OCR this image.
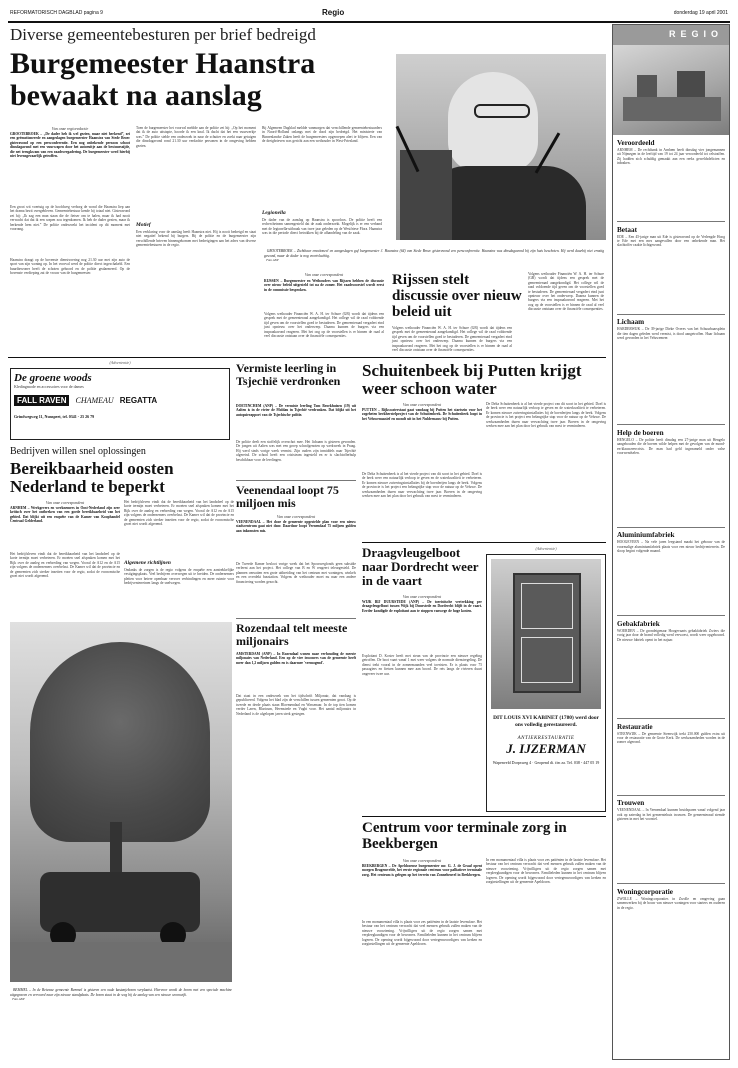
REFORMATORISCH DAGBLAD pagina 9	Regio	donderdag 19 april 2001
Diverse gemeentebesturen per brief bedreigd
Burgemeester Haanstra bewaakt na aanslag
Van onze regioredactie
GROOTEBROEK – „De dader heb ik wel gezien, maar niet herkend”, zei een geëmotioneerde en aangeslagen burgemeester Haanstra van Stede Broec gisteravond op een persconferentie. Een nog onbekende persoon schoot dinsdagavond met een vuurwapen door het autoruitje aan de bestuurszijde, die net terugkwam van een raadsvergadering. De burgemeester werd hierbij niet levensgevaarlijk getroffen.
Een groot wit voertuig op de hoofdweg verborg de wond die Haanstra liep aan het drama bezit overgebleven. Gemeentebestuur kende hij totaal niet. Gisteravond zei hij: „Ik zag een man staan die de fietser om te halen, maar ik had nooit verwacht dat dat ik een wapen zou tegenkomen. Ik heb de dader gezien, maar ik herkende hem niet.” De politie onderzoekt het incident op dit moment met voorrang.
Haanstra draagt op de bovenste dienstvoering nog 21.30 uur met zijn auto de sport van zijn woning op. In het voorval werd de politie direct ingeschakeld. Een buurtbewoner heeft de schoten gehoord en de politie gealarmeerd. Op de bovenste verdieping zat de vrouw van de burgemeester.
Toen de burgemeester het voorval meldde aan de politie zei hij: „Op het moment dat ik de auto uitstapte, hoorde ik een knal. Ik dacht dat het een vuurwerkje was.” De politie stelde een onderzoek in naar de schutter en zoekt naar getuigen die dinsdagavond rond 21.30 uur verdachte personen in de omgeving hebben gezien.
Motief
Een verklaring voor de aanslag heeft Haanstra niet. Hij is nooit bedreigd en staat niet negatief bekend bij burgers. Bij de politie en de burgemeester zijn verschillende brieven binnengekomen met bedreigingen aan het adres van diverse gemeentebesturen in de regio.
Bij Algemeen Dagblad meldde vanmorgen dat verschillende gemeentebestuurders in Noord-Holland onlangs met de dood zijn bedreigd. Het ministerie van Binnenlandse Zaken heeft de burgemeesters opgeroepen alert te blijven. Een van de dreigbrieven was gericht aan een wethouder in West-Friesland.
Legionella
De dader van de aanslag op Haanstra is spoorloos. De politie heeft een rechercheteam samengesteld dat de zaak onderzoekt. Mogelijk is er een verband met de legionella-uitbraak van twee jaar geleden op de Westfriese Flora. Haanstra was in die periode direct betrokken bij de afhandeling van de zaak.

GROOTEBROEK – Zichtbaar emotioneel en aangeslagen gaf burgemeester J. Haanstra (64) van Stede Broec gisteravond een persconferentie. Haanstra was dinsdagavond bij zijn huis beschoten. Hij werd daarbij niet ernstig gewond, maar de dader is nog voortvluchtig.
Foto ANP

Van onze correspondent
RIJSSEN – Burgemeester en Wethouders van Rijssen hebben de discussie over nieuw beleid uitgesteld tot na de zomer. Het raadsvoorstel wordt eerst in de commissie besproken.
Volgens wethouder Financiën W. A. H. ter Schure (GB) wordt dat tijdens een gesprek met de gemeenteraad aangekondigd. Het college wil de raad voldoende tijd geven om de voorstellen goed te bestuderen. De gemeenteraad vergadert eind juni opnieuw over het onderwerp. Daarna kunnen de burgers via een inspraakavond reageren. Met het oog op de voorstellen is er binnen de raad al veel discussie ontstaan over de financiële consequenties.
Rijssen stelt discussie over nieuw beleid uit
Volgens wethouder Financiën W. A. H. ter Schure (GB) wordt dat tijdens een gesprek met de gemeenteraad aangekondigd. Het college wil de raad voldoende tijd geven om de voorstellen goed te bestuderen. De gemeenteraad vergadert eind juni opnieuw over het onderwerp. Daarna kunnen de burgers via een inspraakavond reageren. Met het oog op de voorstellen is er binnen de raad al veel discussie ontstaan over de financiële consequenties.
Volgens wethouder Financiën W. A. H. ter Schure (GB) wordt dat tijdens een gesprek met de gemeenteraad aangekondigd. Het college wil de raad voldoende tijd geven om de voorstellen goed te bestuderen. De gemeenteraad vergadert eind juni opnieuw over het onderwerp. Daarna kunnen de burgers via een inspraakavond reageren. Met het oog op de voorstellen is er binnen de raad al veel discussie ontstaan over de financiële consequenties.
REGIO
Veroordeeld
ARNHEM – De rechtbank in Arnhem heeft dinsdag vier jongemannen uit Nijmegen in de leeftijd van 19 tot 24 jaar veroordeeld tot celstraffen. Zij hadden zich schuldig gemaakt aan een reeks geweldsdelicten en inbraken.
Betaat
EDE – Een 45-jarige man uit Ede is gisteravond op de Verlengde Hoog te Ede met een mes aangevallen door een onbekende man. Het slachtoffer raakte lichtgewond.
Lichaam
HARDERWIJK – De 39-jarige Dieke Overes van het Schuurbaarsplein die tien dagen geleden werd vermist, is dood aangetroffen. Haar lichaam werd gevonden in het Veluwemeer.
Help de boeren
HENGELO – De politie heeft dinsdag een 27-jarige man uit Hengelo aangehouden die de boeren wilde helpen met de gevolgen van de mond-en-klauwzeercrisis. De man had geld ingezameld onder valse voorwendselen.
Aluminiumfabriek
HOOGEVEEN – Na vele jaren leegstand maakt het gebouw van de voormalige aluminiumfabriek plaats voor een nieuw bedrijventerrein. De sloop begint volgende maand.
Gebakfabriek
WOERDEN – De grondeigenaar Hoogevaarts gebakfabriek Zwiers die vorig jaar door de brand volledig werd verwoest, wordt weer opgebouwd. De nieuwe fabriek opent in het najaar.
Restauratie
STEENWIJK – De gemeente Steenwijk trekt 250.000 gulden extra uit voor de restauratie van de Grote Kerk. De werkzaamheden worden in de zomer afgerond.
Trouwen
VEENENDAAL – In Veenendaal kunnen bruidsparen vanaf volgend jaar ook op zaterdag in het gemeentehuis trouwen. De gemeenteraad stemde gisteren in met het voorstel.
Woningcorporatie
ZWOLLE – Woningcorporaties in Zwolle en omgeving gaan samenwerken bij de bouw van nieuwe woningen voor starters en ouderen in de regio.
(Advertentie)
De groene woods
Kledingmode en accessoires voor de dames
FALL RAVEN	CHAMEAU REGATTA
Grindwegweg 11, Nunspeet, tel. 0341 - 25 26 79
Vermiste leerling in Tsjechië verdronken
DOETINCHEM (ANP) – De vermiste leerling Tom Broekhuizen (19) uit Aalten is in de rivier de Moldau in Tsjechië verdronken. Dat blijkt uit het autopsierapport van de Tsjechische politie.
De politie deelt een stoffelijk overschot mee. Het lichaam is gisteren gevonden. De jongen uit Aalten was met een groep schoolgenoten op werkweek in Praag. Hij werd sinds vorige week vermist. Zijn ouders zijn inmiddels naar Tsjechië afgereisd. De school heeft een crisisteam ingesteld en er is slachtofferhulp beschikbaar voor de leerlingen.
Bedrijven willen snel oplossingen
Bereikbaarheid oosten Nederland te beperkt
Van onze correspondent
ARNHEM – Werkgevers en werknemers in Oost-Nederland zijn zeer kritisch over het ontbreken van een goede bereikbaarheid van het gebied. Dat blijkt uit een enquête van de Kamer van Koophandel Centraal Gelderland.
Het bedrijfsleven vindt dat de bereikbaarheid van het landsdeel op de korte termijn moet verbeteren. Er moeten snel afspraken komen met het Rijk over de aanleg en verbreding van wegen. Vooral de A12 en de A15 zijn volgens de ondernemers overbelast. De Kamer wil dat de provincie en de gemeenten zich sterker inzetten voor de regio, zodat de economische groei niet wordt afgeremd.
Het bedrijfsleven vindt dat de bereikbaarheid van het landsdeel op de korte termijn moet verbeteren. Er moeten snel afspraken komen met het Rijk over de aanleg en verbreding van wegen. Vooral de A12 en de A15 zijn volgens de ondernemers overbelast. De Kamer wil dat de provincie en de gemeenten zich sterker inzetten voor de regio, zodat de economische groei niet wordt afgeremd.
Algemene richtlijnen
Ondanks de zorgen is de regio volgens de enquête een aantrekkelijke vestigingsplaats. Veel bedrijven overwegen uit te breiden. De ondernemers pleiten voor betere openbaar vervoer verbindingen en meer ruimte voor bedrijventerreinen langs de snelwegen.
Veenendaal loopt 75 miljoen mis
Van onze correspondent
VEENENDAAL – Het door de gemeente opgestelde plan voor een nieuw stadscentrum gaat niet door. Daardoor loopt Veenendaal 75 miljoen gulden aan inkomsten mis.
De Tweede Kamer besloot vorige week dat het Spoorwegfonds geen subsidie verleent aan het project. Het college van B en W reageert teleurgesteld. De plannen omvatten een grote uitbreiding van het centrum met woningen, winkels en een overdekt busstation. Volgens de wethouder moet nu naar een andere financiering worden gezocht.
Rozendaal telt meeste miljonairs
AMSTERDAM (ANP) – In Rozendaal wonen naar verhouding de meeste miljonairs van Nederland. Een op de vier inwoners van de gemeente heeft meer dan 1,2 miljoen gulden en is daarmee 'vermogend'.
Dat staat in een onderzoek van het tijdschrift Miljonair, dat vandaag is gepubliceerd. Volgens het blad zijn de verschillen tussen gemeenten groot. Op de tweede en derde plaats staan Bloemendaal en Wassenaar. In de top tien komen verder Laren, Blaricum, Heemstede en Vught voor. Het aantal miljonairs in Nederland is de afgelopen jaren sterk gestegen.

BEMMEL – In de Betuwse gemeente Bemmel is gisteren een oude kastanjeboom verplaatst. Hiervoor wordt de boom met een speciale machine uitgegraven en vervoerd naar zijn nieuwe standplaats. De boom staat in de weg bij de aanleg van een nieuwe woonwijk.
Foto ANP

Schuitenbeek bij Putten krijgt weer schoon water
Van onze correspondent
PUTTEN – Rijkswaterstaat gaat vandaag bij Putten het startsein voor het zogeheten beekherstelproject van de Schuitenbeek. De Schuitenbeek loopt in het Veluwemassief en mondt uit in het Nuldernauw bij Putten.
De Delta Schuitenbeek is al het vierde project van dit soort in het gebied. Doel is de beek weer een natuurlijk verloop te geven en de waterkwaliteit te verbeteren. Er komen nieuwe zuiveringsinstallaties bij de boerderijen langs de beek. Volgens de provincie is het project een belangrijke stap voor de natuur op de Veluwe. De werkzaamheden duren naar verwachting twee jaar. Boeren in de omgeving werken mee aan het plan door het gebruik van mest te verminderen.
De Delta Schuitenbeek is al het vierde project van dit soort in het gebied. Doel is de beek weer een natuurlijk verloop te geven en de waterkwaliteit te verbeteren. Er komen nieuwe zuiveringsinstallaties bij de boerderijen langs de beek. Volgens de provincie is het project een belangrijke stap voor de natuur op de Veluwe. De werkzaamheden duren naar verwachting twee jaar. Boeren in de omgeving werken mee aan het plan door het gebruik van mest te verminderen.
Draagvleugelboot naar Dordrecht weer in de vaart
Van onze correspondent
WIJK BIJ DUURSTEDE (ANP) – De toeristische vertrekking per draagvleugelboot tussen Wijk bij Duurstede en Dordrecht blijft in de vaart. Eerder kondigde de exploitant aan te stoppen vanwege de hoge kosten.
Exploitant D. Koster heeft met steun van de provincie een nieuwe regeling getroffen. De boot vaart vanaf 1 mei weer volgens de normale dienstregeling. De dienst trekt vooral in de zomermaanden veel toeristen. Er is plaats voor 75 passagiers en fietsen kunnen mee aan boord. De reis langs de rivieren duurt ongeveer twee uur.
(Advertentie)
DIT LOUIS XVI KABINET (1780) werd door ons volledig gerestaureerd.
ANTIEKRESTAURATIE
J. IJZERMAN
Wapenveld Dorpsweg 4 · Geopend di. t/m za. Tel. 038 - 447 05 19
Centrum voor terminale zorg in Beekbergen
Van onze correspondent
BEEKBERGEN – De Apeldoornse burgemeester mr. G. J. de Graaf opent morgen Beagemvelde, het eerste regionale centrum voor palliatieve terminale zorg. Het centrum is gelegen op het terrein van Zonneheuvel in Beekbergen.
In een monumentaal villa is plaats voor zes patiënten in de laatste levensfase. Het bestuur van het centrum verwacht dat veel mensen gebruik zullen maken van de nieuwe voorziening. Vrijwilligers uit de regio zorgen samen met verpleegkundigen voor de bewoners. Familieleden kunnen in het centrum blijven logeren. De opening wordt bijgewoond door vertegenwoordigers van kerken en zorginstellingen uit de gemeente Apeldoorn.
In een monumentaal villa is plaats voor zes patiënten in de laatste levensfase. Het bestuur van het centrum verwacht dat veel mensen gebruik zullen maken van de nieuwe voorziening. Vrijwilligers uit de regio zorgen samen met verpleegkundigen voor de bewoners. Familieleden kunnen in het centrum blijven logeren. De opening wordt bijgewoond door vertegenwoordigers van kerken en zorginstellingen uit de gemeente Apeldoorn.
